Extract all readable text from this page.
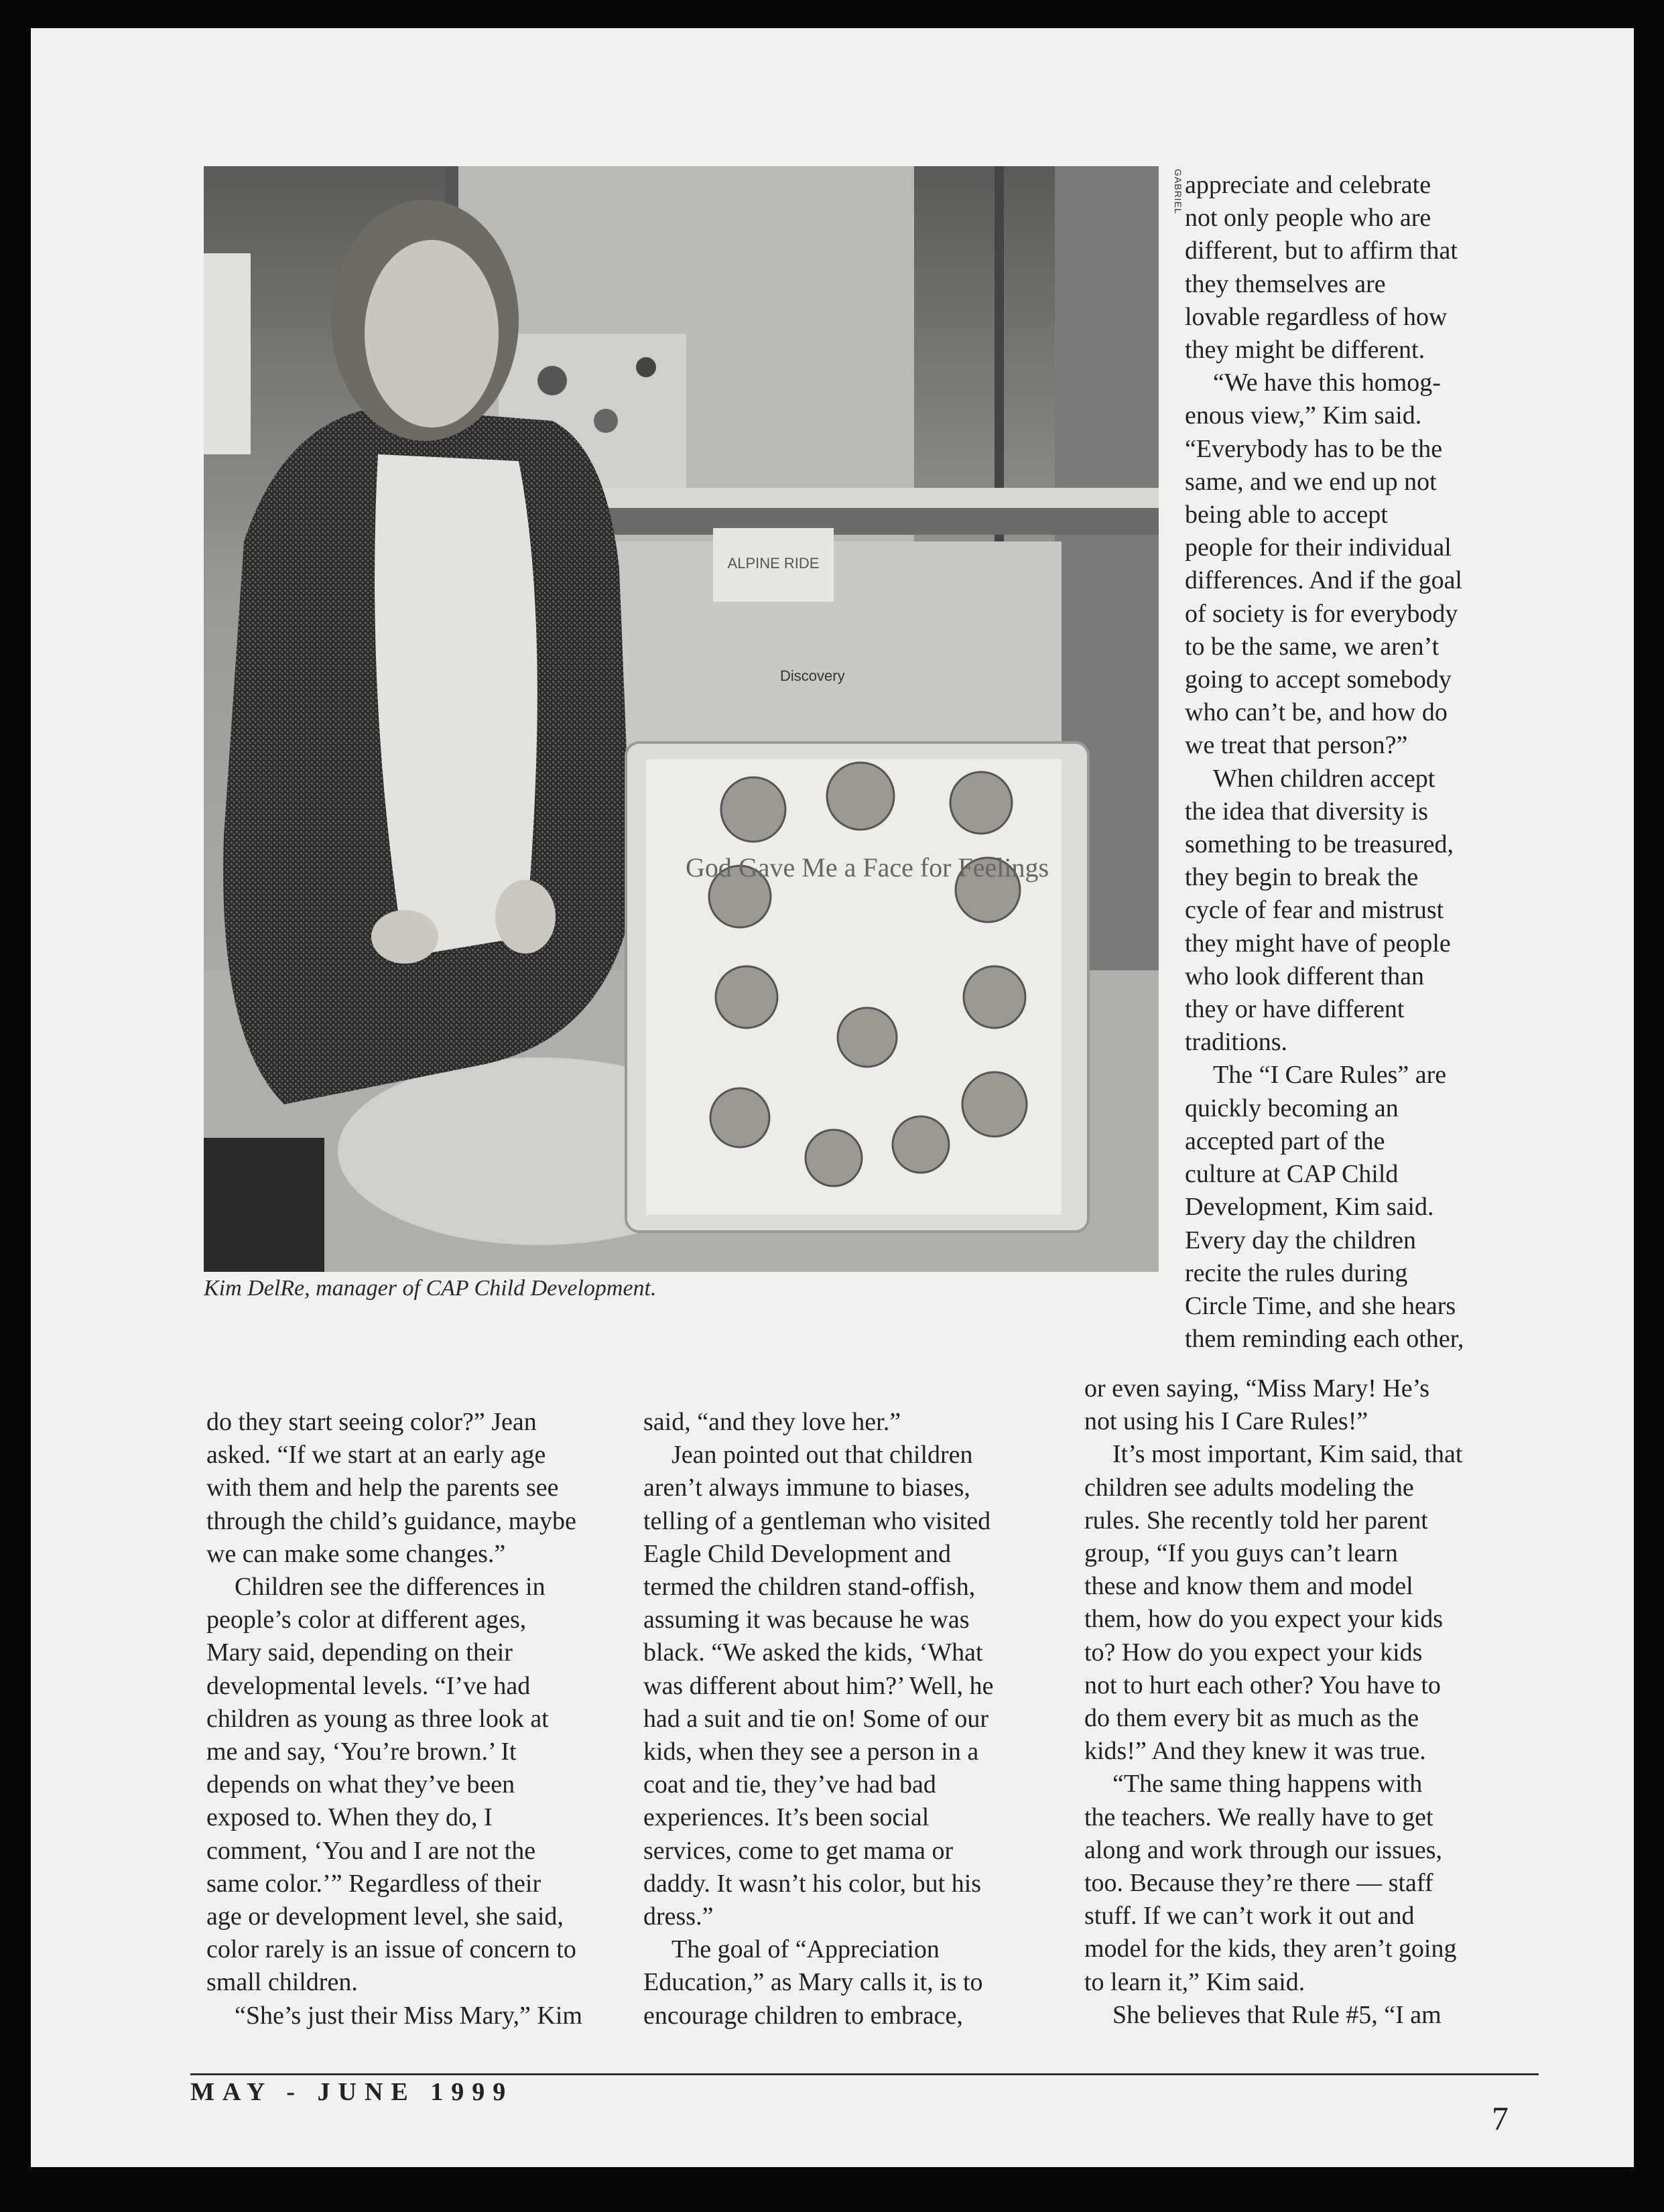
ALPINE RIDE
Discovery
God Gave Me a Face for Feelings
GABRIEL
Kim DelRe, manager of CAP Child Development.

appreciate and celebrate
not only people who are
different, but to affirm that
they themselves are
lovable regardless of how
they might be different.

“We have this homog-
enous view,” Kim said.
“Everybody has to be the
same, and we end up not
being able to accept
people for their individual
differences. And if the goal
of society is for everybody
to be the same, we aren’t
going to accept somebody
who can’t be, and how do
we treat that person?”

When children accept
the idea that diversity is
something to be treasured,
they begin to break the
cycle of fear and mistrust
they might have of people
who look different than
they or have different
traditions.

The “I Care Rules” are
quickly becoming an
accepted part of the
culture at CAP Child
Development, Kim said.
Every day the children
recite the rules during
Circle Time, and she hears
them reminding each other,

or even saying, “Miss Mary! He’s
not using his I Care Rules!”

It’s most important, Kim said, that
children see adults modeling the
rules. She recently told her parent
group, “If you guys can’t learn
these and know them and model
them, how do you expect your kids
to? How do you expect your kids
not to hurt each other? You have to
do them every bit as much as the
kids!” And they knew it was true.

“The same thing happens with
the teachers. We really have to get
along and work through our issues,
too. Because they’re there — staff
stuff. If we can’t work it out and
model for the kids, they aren’t going
to learn it,” Kim said.

She believes that Rule #5, “I am

do they start seeing color?” Jean
asked. “If we start at an early age
with them and help the parents see
through the child’s guidance, maybe
we can make some changes.”

Children see the differences in
people’s color at different ages,
Mary said, depending on their
developmental levels. “I’ve had
children as young as three look at
me and say, ‘You’re brown.’ It
depends on what they’ve been
exposed to. When they do, I
comment, ‘You and I are not the
same color.’” Regardless of their
age or development level, she said,
color rarely is an issue of concern to
small children.

“She’s just their Miss Mary,” Kim

said, “and they love her.”

Jean pointed out that children
aren’t always immune to biases,
telling of a gentleman who visited
Eagle Child Development and
termed the children stand-offish,
assuming it was because he was
black. “We asked the kids, ‘What
was different about him?’ Well, he
had a suit and tie on! Some of our
kids, when they see a person in a
coat and tie, they’ve had bad
experiences. It’s been social
services, come to get mama or
daddy. It wasn’t his color, but his
dress.”

The goal of “Appreciation
Education,” as Mary calls it, is to
encourage children to embrace,

MAY - JUNE 1999
7
